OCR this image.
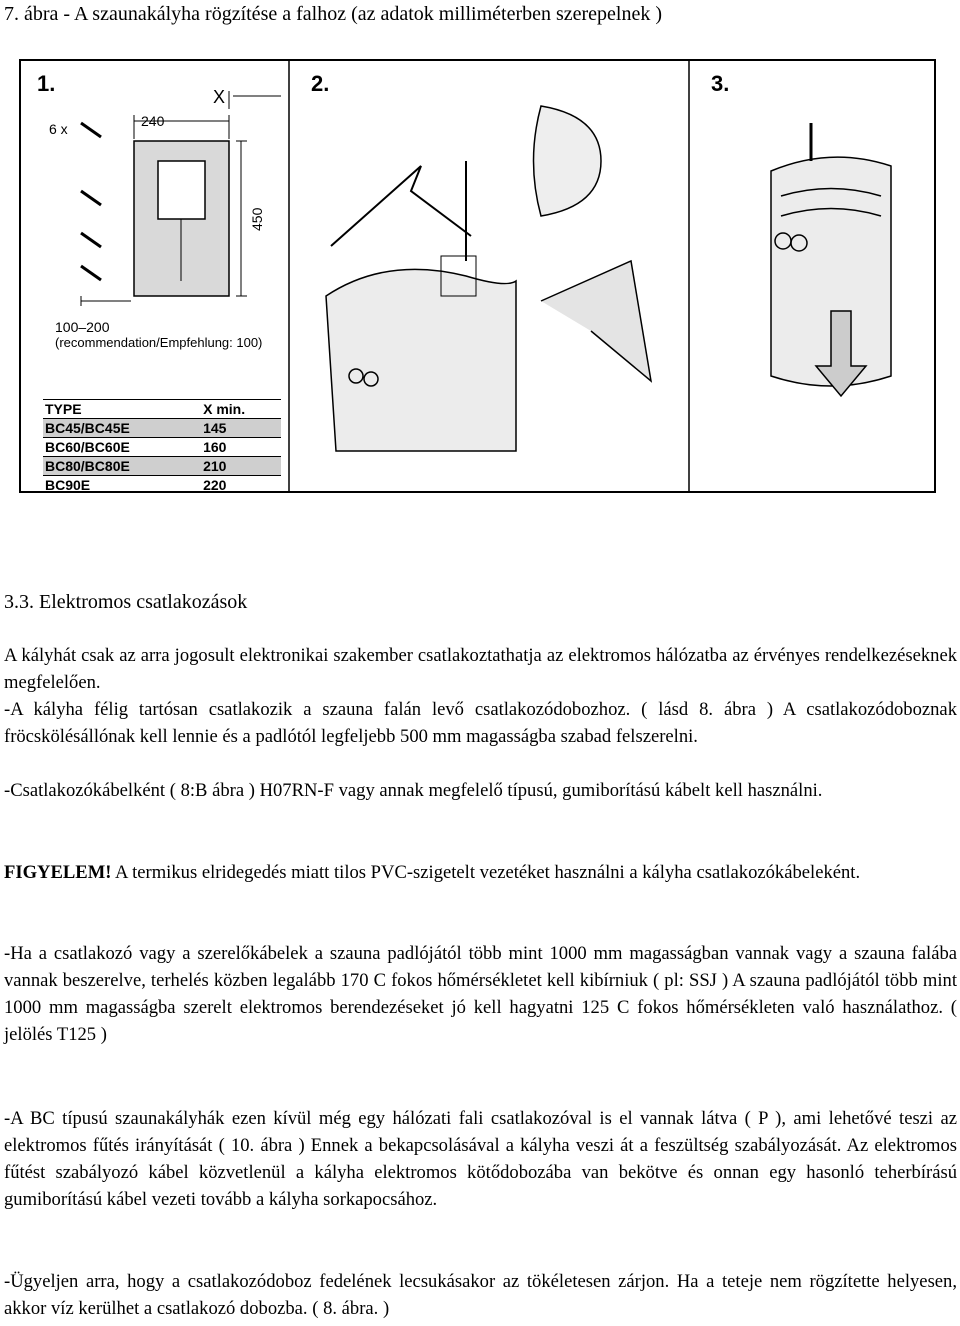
7. ábra - A szaunakályha rögzítése a falhoz (az adatok milliméterben szerepelnek )
1.	2.	3.
6 x	240
X
450
100–200
(recommendation/Empfehlung: 100)
TYPE	X min.
BC45/BC45E	145
BC60/BC60E	160
BC80/BC80E	210
BC90E	220
3.3. Elektromos csatlakozások

A kályhát csak az arra jogosult elektronikai szakember csatlakoztathatja az elektromos hálózatba az érvényes rendelkezéseknek megfelelően.

-A kályha félig tartósan csatlakozik a szauna falán levő csatlakozódobozhoz. ( lásd 8. ábra ) A csatlakozódoboznak fröcskölésállónak kell lennie és a padlótól legfeljebb 500 mm magasságba szabad felszerelni.

-Csatlakozókábelként ( 8:B ábra ) H07RN-F vagy annak megfelelő típusú, gumiborítású kábelt kell használni.

FIGYELEM! A termikus elridegedés miatt tilos PVC-szigetelt vezetéket használni a kályha csatlakozókábeleként.

-Ha a csatlakozó vagy a szerelőkábelek a szauna padlójától több mint 1000 mm magasságban vannak vagy a szauna falába vannak beszerelve, terhelés közben legalább 170 C fokos hőmérsékletet kell kibírniuk ( pl: SSJ ) A szauna padlójától több mint 1000 mm magasságba szerelt elektromos berendezéseket jó kell hagyatni 125 C fokos hőmérsékleten való használathoz. ( jelölés T125 )

-A BC típusú szaunakályhák ezen kívül még egy hálózati fali csatlakozóval is el vannak látva ( P ), ami lehetővé teszi az elektromos fűtés irányítását ( 10. ábra ) Ennek a bekapcsolásával a kályha veszi át a feszültség szabályozását. Az elektromos fűtést szabályozó kábel közvetlenül a kályha elektromos kötődobozába van bekötve és onnan egy hasonló teherbírású gumiborítású kábel vezeti tovább a kályha sorkapocsához.

-Ügyeljen arra, hogy a csatlakozódoboz fedelének lecsukásakor az tökéletesen zárjon. Ha a teteje nem rögzítette helyesen, akkor víz kerülhet a csatlakozó dobozba. ( 8. ábra. )
